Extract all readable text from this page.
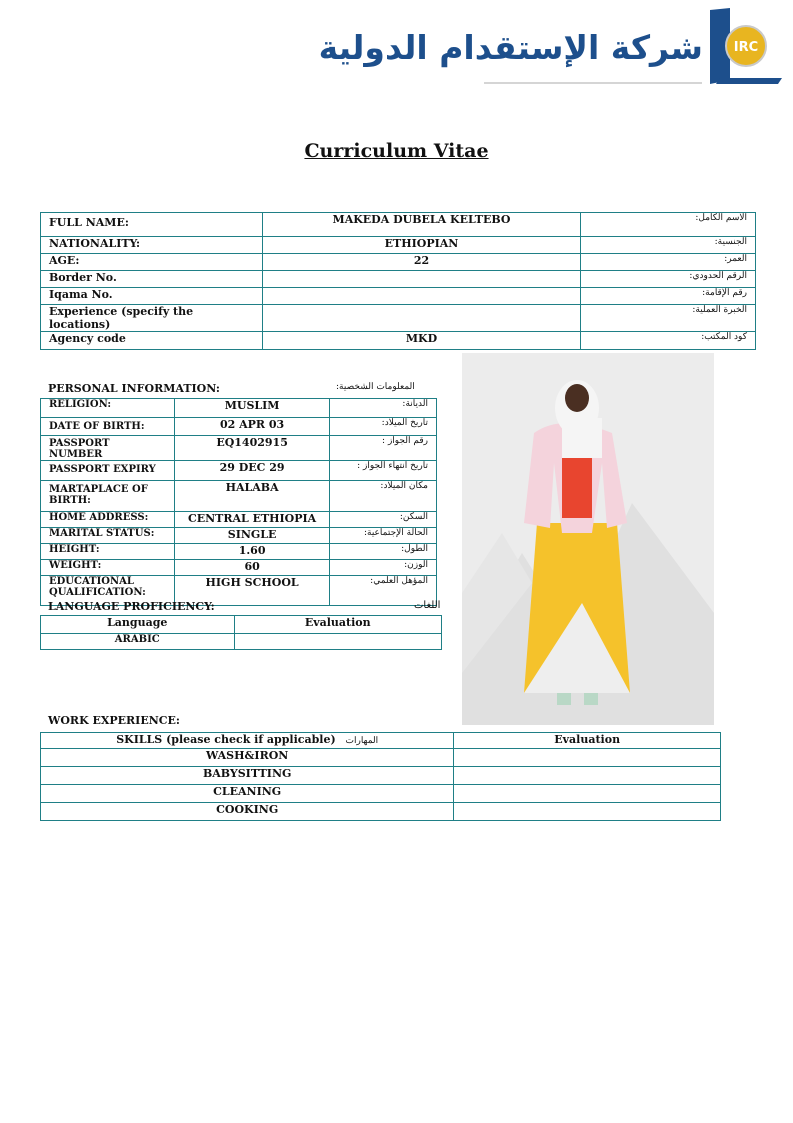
شركة الإستقدام الدولية IRC
Curriculum Vitae
FULL NAME:	MAKEDA DUBELA KELTEBO	الاسم الكامل:
NATIONALITY:	ETHIOPIAN	الجنسية:
AGE:	22	العمر:
Border No.		الرقم الحدودي:
Iqama No.		رقم الإقامة:
Experience (specify the locations)		الخبرة العملية:
Agency code	MKD	كود المكتب:
PERSONAL INFORMATION:	المعلومات الشخصية:
RELIGION:	MUSLIM	الديانة:
DATE OF BIRTH:	02 APR 03	تاريخ الميلاد:
PASSPORT NUMBER	EQ1402915	رقم الجواز :
PASSPORT EXPIRY	29 DEC 29	تاريخ انتهاء الجواز :
MARTAPLACE OF BIRTH:	HALABA	مكان الميلاد:
HOME ADDRESS:	CENTRAL ETHIOPIA	السكن:
MARITAL STATUS:	SINGLE	الحالة الإجتماعية:
HEIGHT:	1.60	الطول:
WEIGHT:	60	الوزن:
EDUCATIONAL QUALIFICATION:	HIGH SCHOOL	المؤهل العلمي:
LANGUAGE PROFICIENCY:	اللغات
Language	Evaluation
ARABIC	
WORK EXPERIENCE:
SKILLS (please check if applicable) المهارات	Evaluation
WASH&IRON	
BABYSITTING	
CLEANING	
COOKING	
